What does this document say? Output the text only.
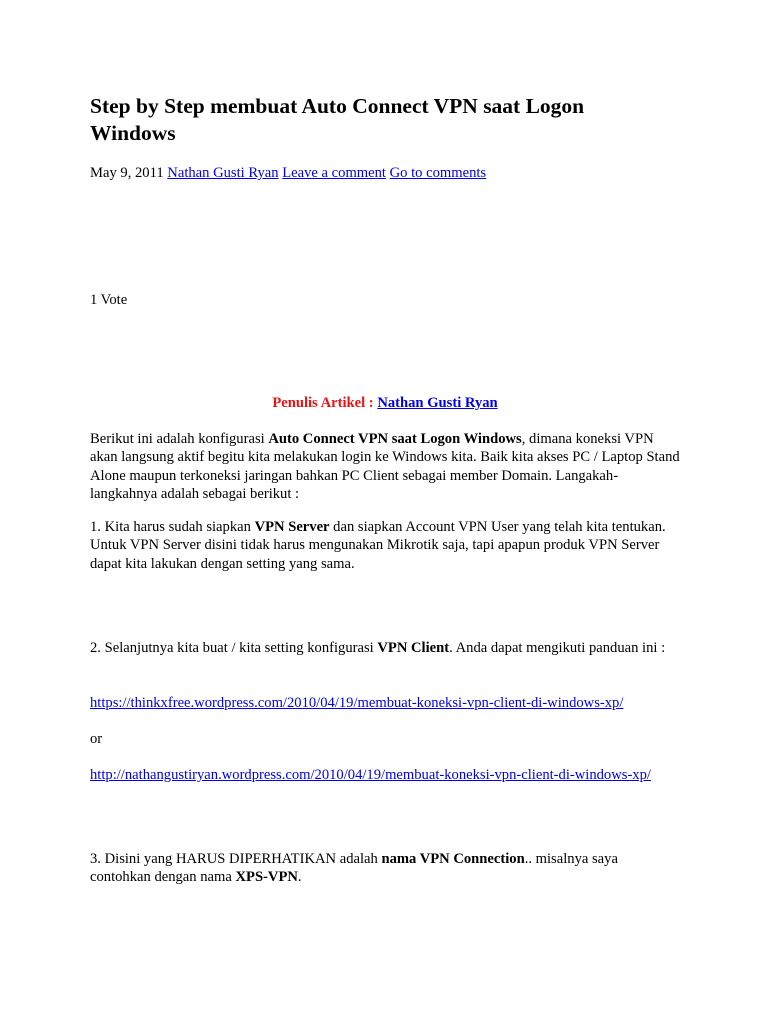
Step by Step membuat Auto Connect VPN saat Logon Windows
May 9, 2011 Nathan Gusti Ryan Leave a comment Go to comments
1 Vote
Penulis Artikel : Nathan Gusti Ryan

Berikut ini adalah konfigurasi Auto Connect VPN saat Logon Windows, dimana koneksi VPN akan langsung aktif begitu kita melakukan login ke Windows kita. Baik kita akses PC / Laptop Stand Alone maupun terkoneksi jaringan bahkan PC Client sebagai member Domain. Langakah-langkahnya adalah sebagai berikut :

1. Kita harus sudah siapkan VPN Server dan siapkan Account VPN User yang telah kita tentukan. Untuk VPN Server disini tidak harus mengunakan Mikrotik saja, tapi apapun produk VPN Server dapat kita lakukan dengan setting yang sama.

2. Selanjutnya kita buat / kita setting konfigurasi VPN Client. Anda dapat mengikuti panduan ini :

https://thinkxfree.wordpress.com/2010/04/19/membuat-koneksi-vpn-client-di-windows-xp/

or

http://nathangustiryan.wordpress.com/2010/04/19/membuat-koneksi-vpn-client-di-windows-xp/

3. Disini yang HARUS DIPERHATIKAN adalah nama VPN Connection.. misalnya saya contohkan dengan nama XPS-VPN.
